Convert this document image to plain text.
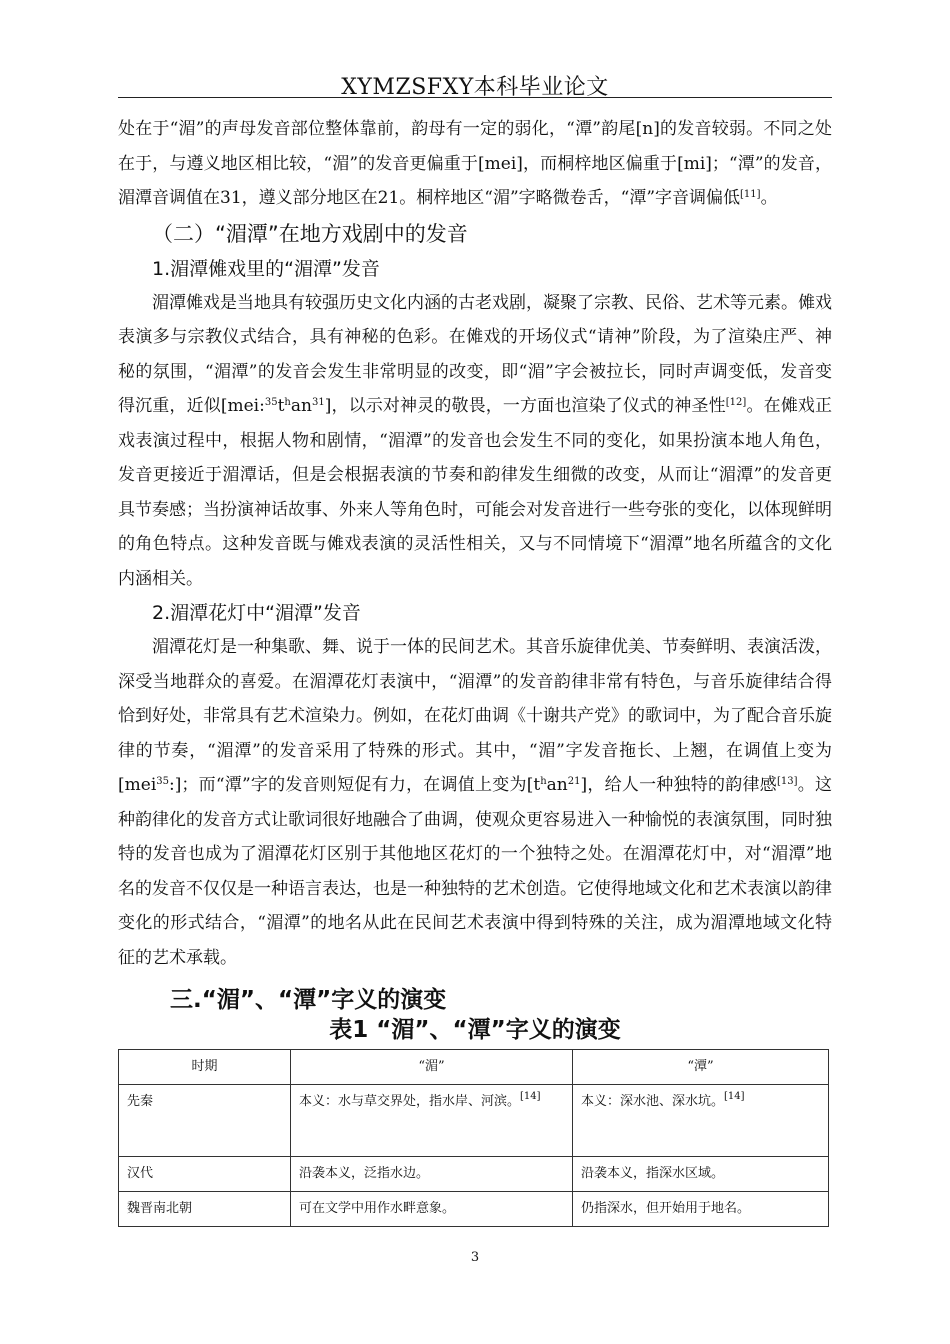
XYMZSFXY本科毕业论文

处在于“湄”的声母发音部位整体靠前，韵母有一定的弱化，“潭”韵尾[n]的发音较弱。不同之处在于，与遵义地区相比较，“湄”的发音更偏重于[mei]，而桐梓地区偏重于[mi]；“潭”的发音，湄潭音调值在31，遵义部分地区在21。桐梓地区“湄”字略微卷舌，“潭”字音调偏低[11]。

（二）“湄潭”在地方戏剧中的发音
1.湄潭傩戏里的“湄潭”发音

湄潭傩戏是当地具有较强历史文化内涵的古老戏剧，凝聚了宗教、民俗、艺术等元素。傩戏表演多与宗教仪式结合，具有神秘的色彩。在傩戏的开场仪式“请神”阶段，为了渲染庄严、神秘的氛围，“湄潭”的发音会发生非常明显的改变，即“湄”字会被拉长，同时声调变低，发音变得沉重，近似$[mei:^{35}t^han^{31}]$，以示对神灵的敬畏，一方面也渲染了仪式的神圣性[12]。在傩戏正戏表演过程中，根据人物和剧情，“湄潭”的发音也会发生不同的变化，如果扮演本地人角色，发音更接近于湄潭话，但是会根据表演的节奏和韵律发生细微的改变，从而让“湄潭”的发音更具节奏感；当扮演神话故事、外来人等角色时，可能会对发音进行一些夸张的变化，以体现鲜明的角色特点。这种发音既与傩戏表演的灵活性相关，又与不同情境下“湄潭”地名所蕴含的文化内涵相关。

2.湄潭花灯中“湄潭”发音

湄潭花灯是一种集歌、舞、说于一体的民间艺术。其音乐旋律优美、节奏鲜明、表演活泼，深受当地群众的喜爱。在湄潭花灯表演中，“湄潭”的发音韵律非常有特色，与音乐旋律结合得恰到好处，非常具有艺术渲染力。例如，在花灯曲调《十谢共产党》的歌词中，为了配合音乐旋律的节奏，“湄潭”的发音采用了特殊的形式。其中，“湄”字发音拖长、上翘，在调值上变为[mei$^{35}$:]；而“潭”字的发音则短促有力，在调值上变为$[t^han^{21}]$，给人一种独特的韵律感[13]。这种韵律化的发音方式让歌词很好地融合了曲调，使观众更容易进入一种愉悦的表演氛围，同时独特的发音也成为了湄潭花灯区别于其他地区花灯的一个独特之处。在湄潭花灯中，对“湄潭”地名的发音不仅仅是一种语言表达，也是一种独特的艺术创造。它使得地域文化和艺术表演以韵律变化的形式结合，“湄潭”的地名从此在民间艺术表演中得到特殊的关注，成为湄潭地域文化特征的艺术承载。

三.“湄”、“潭”字义的演变
表1 “湄”、“潭”字义的演变
时期	“湄”	“潭”
先秦	本义：水与草交界处，指水岸、河滨。[14]	本义：深水池、深水坑。[14]
汉代	沿袭本义，泛指水边。	沿袭本义，指深水区域。
魏晋南北朝	可在文学中用作水畔意象。	仍指深水，但开始用于地名。
3
